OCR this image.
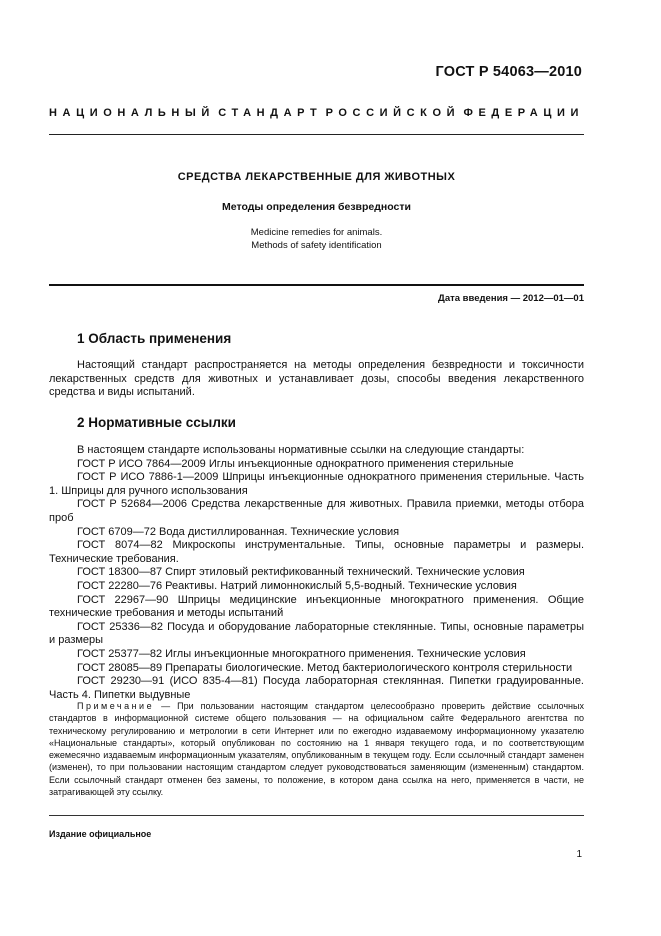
ГОСТ Р 54063—2010
НАЦИОНАЛЬНЫЙ СТАНДАРТ РОССИЙСКОЙ ФЕДЕРАЦИИ
СРЕДСТВА ЛЕКАРСТВЕННЫЕ ДЛЯ ЖИВОТНЫХ
Методы определения безвредности
Medicine remedies for animals.
Methods of safety identification
Дата введения — 2012—01—01
1 Область применения

Настоящий стандарт распространяется на методы определения безвредности и токсичности лекарственных средств для животных и устанавливает дозы, способы введения лекарственного средства и виды испытаний.

2 Нормативные ссылки

В настоящем стандарте использованы нормативные ссылки на следующие стандарты:

ГОСТ Р ИСО 7864—2009 Иглы инъекционные однократного применения стерильные

ГОСТ Р ИСО 7886-1—2009 Шприцы инъекционные однократного применения стерильные. Часть 1. Шприцы для ручного использования

ГОСТ Р 52684—2006 Средства лекарственные для животных. Правила приемки, методы отбора проб

ГОСТ 6709—72 Вода дистиллированная. Технические условия

ГОСТ 8074—82 Микроскопы инструментальные. Типы, основные параметры и размеры. Технические требования.

ГОСТ 18300—87 Спирт этиловый ректификованный технический. Технические условия

ГОСТ 22280—76 Реактивы. Натрий лимоннокислый 5,5-водный. Технические условия

ГОСТ 22967—90 Шприцы медицинские инъекционные многократного применения. Общие технические требования и методы испытаний

ГОСТ 25336—82 Посуда и оборудование лабораторные стеклянные. Типы, основные параметры и размеры

ГОСТ 25377—82 Иглы инъекционные многократного применения. Технические условия

ГОСТ 28085—89 Препараты биологические. Метод бактериологического контроля стерильности

ГОСТ 29230—91 (ИСО 835-4—81) Посуда лабораторная стеклянная. Пипетки градуированные. Часть 4. Пипетки выдувные

Примечание — При пользовании настоящим стандартом целесообразно проверить действие ссылочных стандартов в информационной системе общего пользования — на официальном сайте Федерального агентства по техническому регулированию и метрологии в сети Интернет или по ежегодно издаваемому информационному указателю «Национальные стандарты», который опубликован по состоянию на 1 января текущего года, и по соответствующим ежемесячно издаваемым информационным указателям, опубликованным в текущем году. Если ссылочный стандарт заменен (изменен), то при пользовании настоящим стандартом следует руководствоваться заменяющим (измененным) стандартом. Если ссылочный стандарт отменен без замены, то положение, в котором дана ссылка на него, применяется в части, не затрагивающей эту ссылку.

Издание официальное
1
